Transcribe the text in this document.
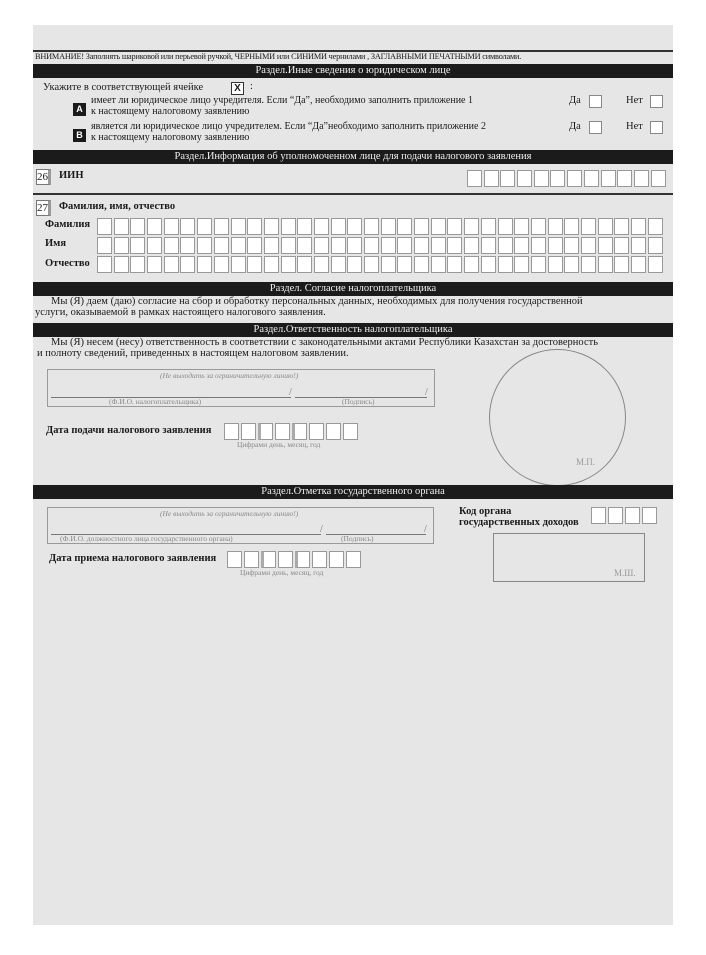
ВНИМАНИЕ! Заполнять шариковой или перьевой ручкой, ЧЕРНЫМИ или СИНИМИ чернилами , ЗАГЛАВНЫМИ ПЕЧАТНЫМИ символами.
Раздел.Иные сведения о юридическом лице
Укажите в соответствующей ячейке	X :
A
имеет ли юридическое лицо учредителя. Если “Да”, необходимо заполнить приложение 1
к настоящему налоговому заявлению
Да	Нет
B
является ли юридическое лицо учредителем. Если “Да”необходимо заполнить приложение 2
к настоящему налоговому заявлению
Да	Нет
Раздел.Информация об уполномоченном лице для подачи налогового заявления
26 ИИН
27 Фамилия, имя, отчество
Фамилия
Имя
Отчество
Раздел. Согласие налогоплательщика
Мы (Я) даем (даю) согласие на сбор и обработку персональных данных, необходимых для получения государственной
услуги, оказываемой в рамках настоящего налогового заявления.
Раздел.Ответственность налогоплательщика
Мы (Я) несем (несу) ответственность в соответствии с законодательными актами Республики Казахстан за достоверность
и полноту сведений, приведенных в настоящем налоговом заявлении.
(Не выходить за ограничительную линию!)
/	/
(Ф.И.О. налогоплательщика)	(Подпись)
Дата подачи налогового заявления
Цифрами день, месяц, год
М.П.
Раздел.Отметка государственного органа
(Не выходить за ограничительную линию!)
/	/
(Ф.И.О. должностного лица государственного органа)	(Подпись)
Дата приема налогового заявления
Цифрами день, месяц, год
Код органа
государственных доходов
М.Ш.
